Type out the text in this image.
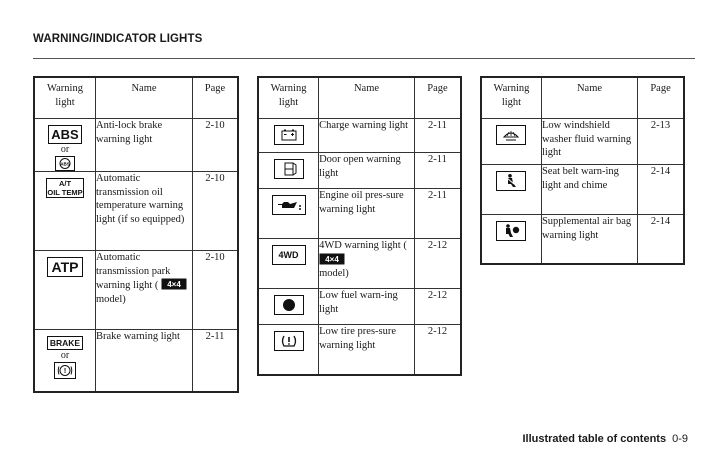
WARNING/INDICATOR LIGHTS
Warning
light	Name	Page
ABS
or
ABS	Anti-lock brake warning light	2-10
A/T
OIL TEMP	Automatic transmission oil temperature warning light (if so equipped)	2-10
ATP	Automatic transmission park warning light ( 4×4

model)	2-10
BRAKE
or
!	Brake warning light	2-11
Warning
light	Name	Page

	Charge warning light	2-11

	Door open warning light	2-11

	Engine oil pres-sure warning light	2-11
4WD	4WD warning light (
4×4

model)	2-12

	Low fuel warn-ing light	2-12

	Low tire pres-sure warning light	2-12
Warning
light	Name	Page

	Low windshield washer fluid warning light	2-13

	Seat belt warn-ing light and chime	2-14

	Supplemental air bag warning light	2-14
Illustrated table of contents 0-9
